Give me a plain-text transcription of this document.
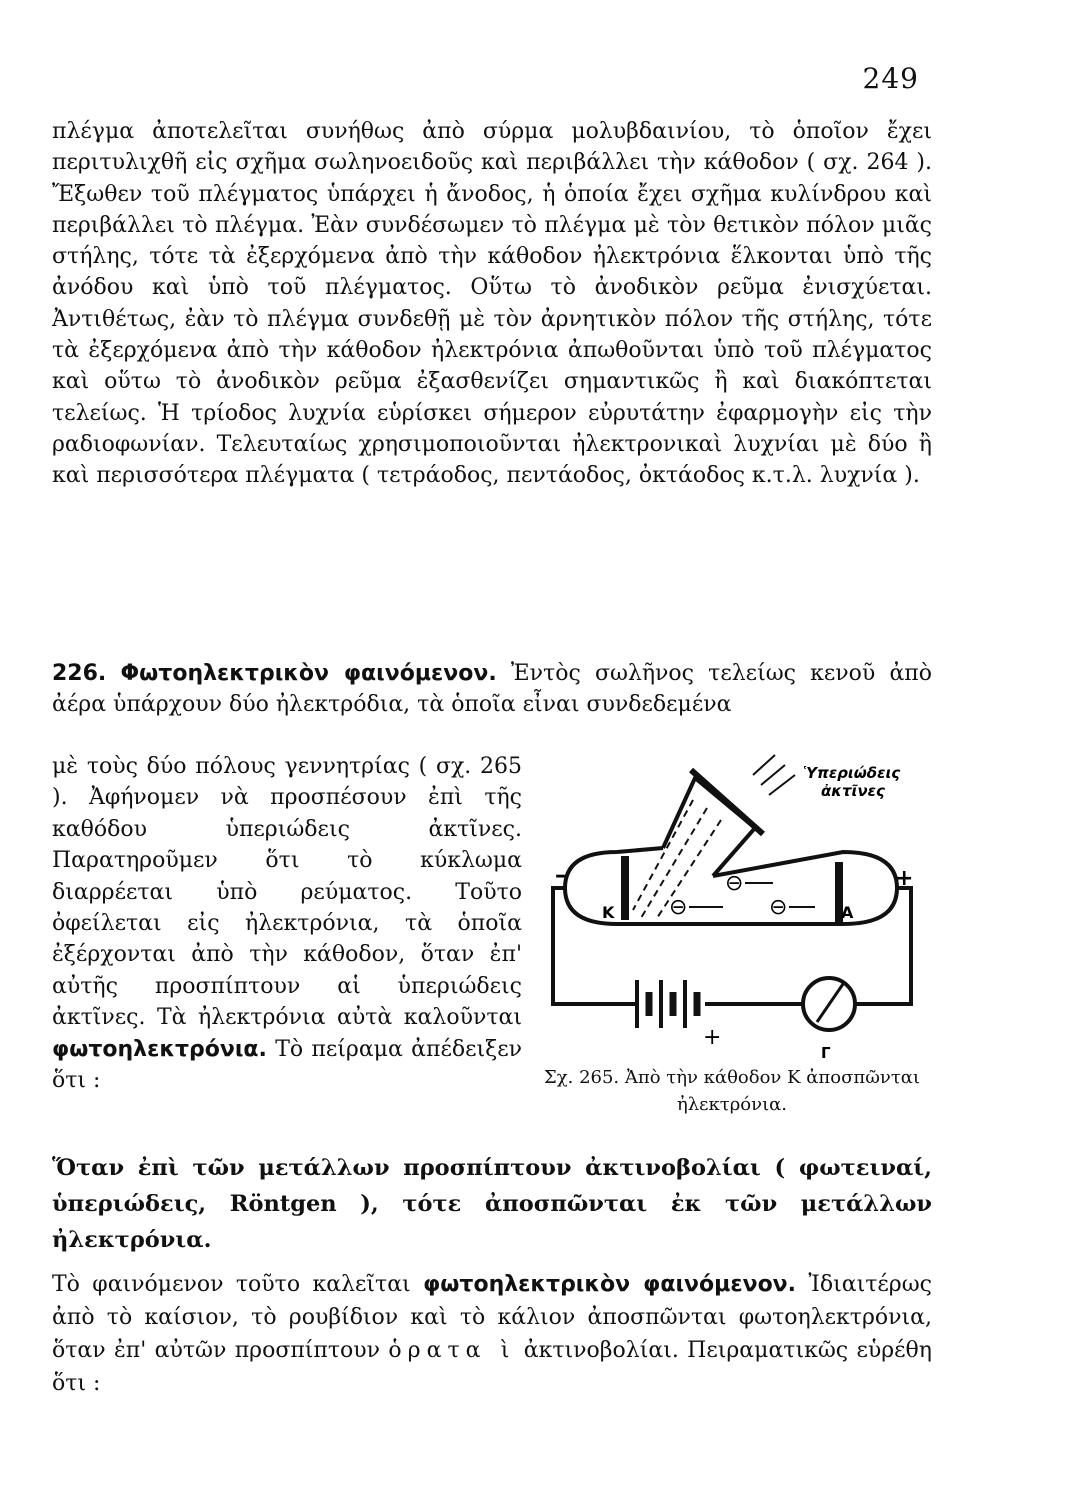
249

πλέγμα ἀποτελεῖται συνήθως ἀπὸ σύρμα μολυβδαινίου, τὸ ὁποῖον ἔχει περιτυλιχθῆ εἰς σχῆμα σωληνοειδοῦς καὶ περιβάλλει τὴν κάθοδον ( σχ. 264 ). Ἔξωθεν τοῦ πλέγματος ὑπάρχει ἡ ἄνοδος, ἡ ὁποία ἔχει σχῆμα κυλίνδρου καὶ περιβάλλει τὸ πλέγμα. Ἐὰν συνδέσωμεν τὸ πλέγμα μὲ τὸν θετικὸν πόλον μιᾶς στήλης, τότε τὰ ἐξερχόμενα ἀπὸ τὴν κάθοδον ἠλεκτρόνια ἕλκονται ὑπὸ τῆς ἀνόδου καὶ ὑπὸ τοῦ πλέγματος. Οὕτω τὸ ἀνοδικὸν ρεῦμα ἐνισχύεται. Ἀντιθέτως, ἐὰν τὸ πλέγμα συνδεθῇ μὲ τὸν ἀρνητικὸν πόλον τῆς στήλης, τότε τὰ ἐξερχόμενα ἀπὸ τὴν κάθοδον ἠλεκτρόνια ἀπωθοῦνται ὑπὸ τοῦ πλέγματος καὶ οὕτω τὸ ἀνοδικὸν ρεῦμα ἐξασθενίζει σημαντικῶς ἢ καὶ διακόπτεται τελείως. Ἡ τρίοδος λυχνία εὑρίσκει σήμερον εὐρυτάτην ἐφαρμογὴν εἰς τὴν ραδιοφωνίαν. Τελευταίως χρησιμοποιοῦνται ἠλεκτρονικαὶ λυχνίαι μὲ δύο ἢ καὶ περισσότερα πλέγματα ( τετράοδος, πεντάοδος, ὀκτάοδος κ.τ.λ. λυχνία ).

226. Φωτοηλεκτρικὸν φαινόμενον. Ἐντὸς σωλῆνος τελείως κενοῦ ἀπὸ ἀέρα ὑπάρχουν δύο ἠλεκτρόδια, τὰ ὁποῖα εἶναι συνδεδεμένα

μὲ τοὺς δύο πόλους γεννητρίας ( σχ. 265 ). Ἀφήνομεν νὰ προσπέσουν ἐπὶ τῆς καθόδου ὑπεριώδεις ἀκτῖνες. Παρατηροῦμεν ὅτι τὸ κύκλωμα διαρρέεται ὑπὸ ρεύματος. Τοῦτο ὀφείλεται εἰς ἠλεκτρόνια, τὰ ὁποῖα ἐξέρχονται ἀπὸ τὴν κάθοδον, ὅταν ἐπ' αὐτῆς προσπίπτουν αἱ ὑπεριώδεις ἀκτῖνες. Τὰ ἠλεκτρόνια αὐτὰ καλοῦνται φωτοηλεκτρόνια. Τὸ πείραμα ἀπέδειξεν ὅτι :

Ὑπεριώδεις
ἀκτῖνες
K	A
⊖
⊖	⊖
–	+
+
Γ

Σχ. 265. Ἀπὸ τὴν κάθοδον K ἀποσπῶνται ἠλεκτρόνια.

Ὅταν ἐπὶ τῶν μετάλλων προσπίπτουν ἀκτινοβολίαι ( φωτειναί, ὑπεριώδεις, Röntgen ), τότε ἀποσπῶνται ἐκ τῶν μετάλλων ἠλεκτρόνια.

Τὸ φαινόμενον τοῦτο καλεῖται φωτοηλεκτρικὸν φαινόμενον. Ἰδιαιτέρως ἀπὸ τὸ καίσιον, τὸ ρουβίδιον καὶ τὸ κάλιον ἀποσπῶνται φωτοηλεκτρόνια, ὅταν ἐπ' αὐτῶν προσπίπτουν ὁρατα ὶ ἀκτινοβολίαι. Πειραματικῶς εὑρέθη ὅτι :
